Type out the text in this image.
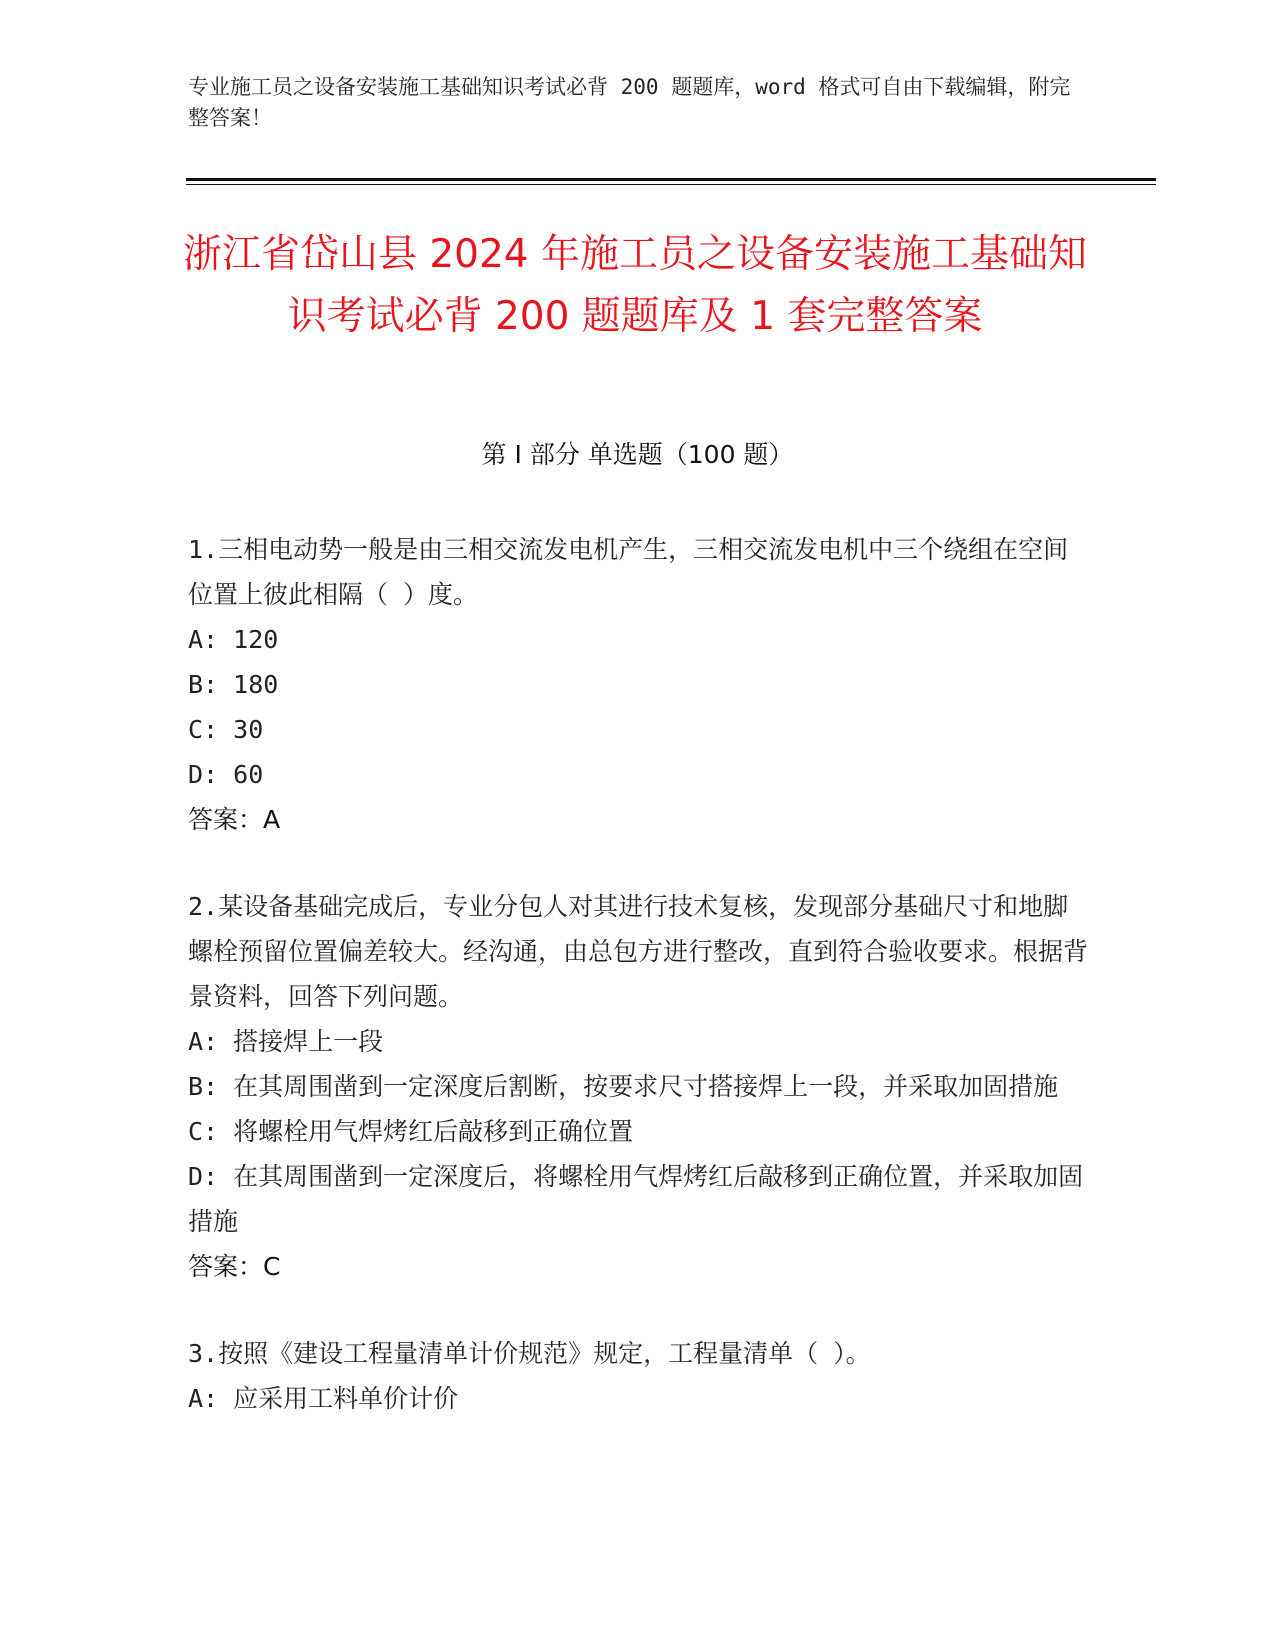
专业施工员之设备安装施工基础知识考试必背 200 题题库，word 格式可自由下载编辑，附完整答案！
浙江省岱山县 2024 年施工员之设备安装施工基础知识考试必背 200 题题库及 1 套完整答案
第 I 部分 单选题（100 题）

1.三相电动势一般是由三相交流发电机产生，三相交流发电机中三个绕组在空间位置上彼此相隔（ ）度。

A: 120

B: 180

C: 30

D: 60

答案：A

2.某设备基础完成后，专业分包人对其进行技术复核，发现部分基础尺寸和地脚螺栓预留位置偏差较大。经沟通，由总包方进行整改，直到符合验收要求。根据背景资料，回答下列问题。

A: 搭接焊上一段

B: 在其周围凿到一定深度后割断，按要求尺寸搭接焊上一段，并采取加固措施

C: 将螺栓用气焊烤红后敲移到正确位置

D: 在其周围凿到一定深度后，将螺栓用气焊烤红后敲移到正确位置，并采取加固措施

答案：C

3.按照《建设工程量清单计价规范》规定，工程量清单（ ）。

A: 应采用工料单价计价
